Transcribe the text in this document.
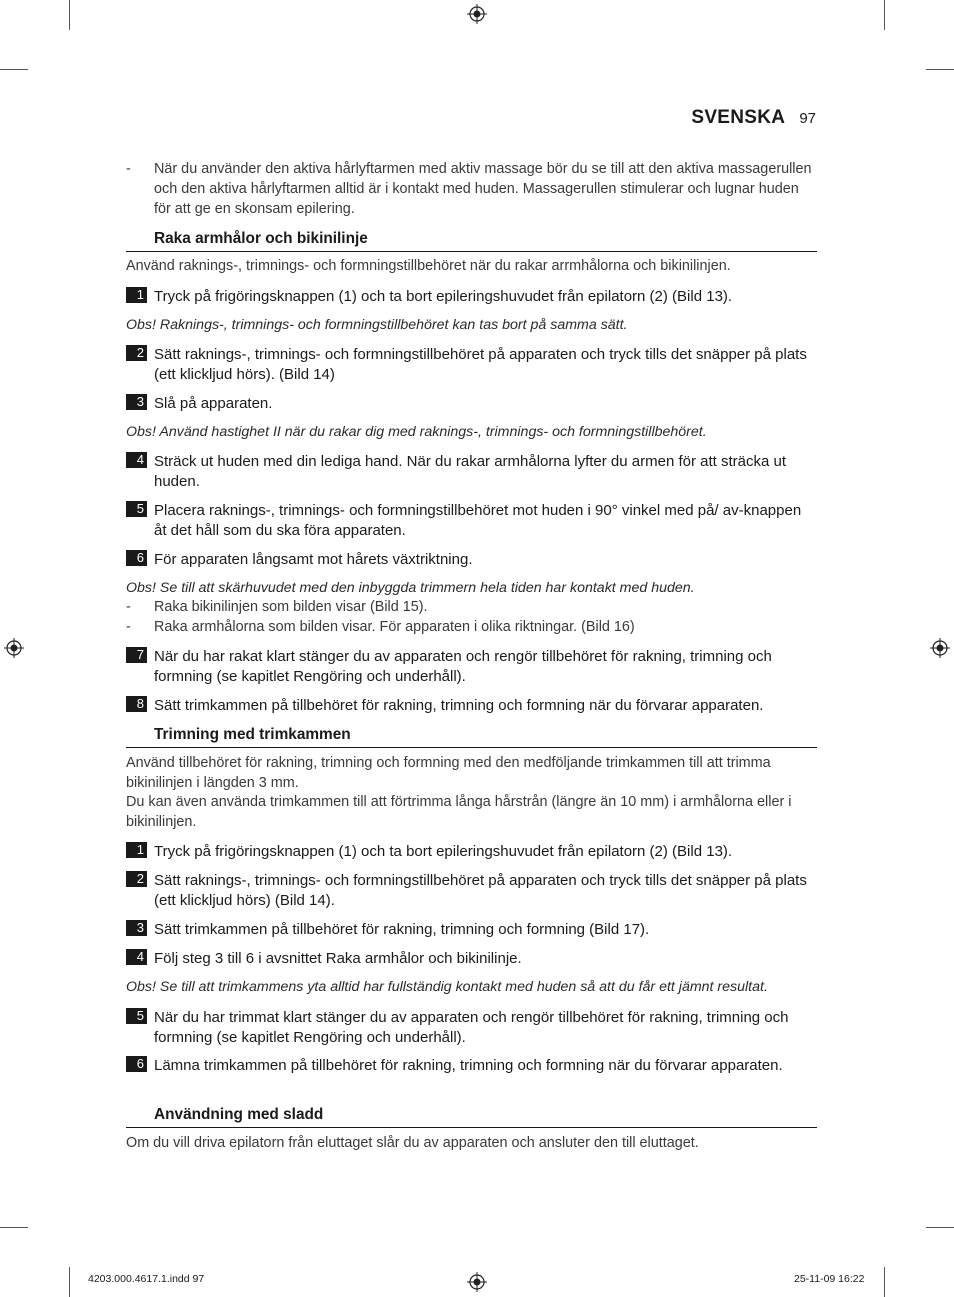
SVENSKA 97
- När du använder den aktiva hårlyftarmen med aktiv massage bör du se till att den aktiva massagerullen och den aktiva hårlyftarmen alltid är i kontakt med huden. Massagerullen stimulerar och lugnar huden för att ge en skonsam epilering.
Raka armhålor och bikinilinje

Använd raknings-, trimnings- och formningstillbehöret när du rakar arrmhålorna och bikinilinjen.

1 Tryck på frigöringsknappen (1) och ta bort epileringshuvudet från epilatorn (2) (Bild 13).

Obs! Raknings-, trimnings- och formningstillbehöret kan tas bort på samma sätt.

2 Sätt raknings-, trimnings- och formningstillbehöret på apparaten och tryck tills det snäpper på plats (ett klickljud hörs). (Bild 14)
3 Slå på apparaten.

Obs! Använd hastighet II när du rakar dig med raknings-, trimnings- och formningstillbehöret.

4 Sträck ut huden med din lediga hand. När du rakar armhålorna lyfter du armen för att sträcka ut huden.
5 Placera raknings-, trimnings- och formningstillbehöret mot huden i 90° vinkel med på/ av-knappen åt det håll som du ska föra apparaten.
6 För apparaten långsamt mot hårets växtriktning.

Obs! Se till att skärhuvudet med den inbyggda trimmern hela tiden har kontakt med huden.

- Raka bikinilinjen som bilden visar (Bild 15).
- Raka armhålorna som bilden visar. För apparaten i olika riktningar. (Bild 16)
7 När du har rakat klart stänger du av apparaten och rengör tillbehöret för rakning, trimning och formning (se kapitlet Rengöring och underhåll).
8 Sätt trimkammen på tillbehöret för rakning, trimning och formning när du förvarar apparaten.
Trimning med trimkammen

Använd tillbehöret för rakning, trimning och formning med den medföljande trimkammen till att trimma bikinilinjen i längden 3 mm.

Du kan även använda trimkammen till att förtrimma långa hårstrån (längre än 10 mm) i armhålorna eller i bikinilinjen.

1 Tryck på frigöringsknappen (1) och ta bort epileringshuvudet från epilatorn (2) (Bild 13).
2 Sätt raknings-, trimnings- och formningstillbehöret på apparaten och tryck tills det snäpper på plats (ett klickljud hörs) (Bild 14).
3 Sätt trimkammen på tillbehöret för rakning, trimning och formning (Bild 17).
4 Följ steg 3 till 6 i avsnittet Raka armhålor och bikinilinje.

Obs! Se till att trimkammens yta alltid har fullständig kontakt med huden så att du får ett jämnt resultat.

5 När du har trimmat klart stänger du av apparaten och rengör tillbehöret för rakning, trimning och formning (se kapitlet Rengöring och underhåll).
6 Lämna trimkammen på tillbehöret för rakning, trimning och formning när du förvarar apparaten.
Användning med sladd

Om du vill driva epilatorn från eluttaget slår du av apparaten och ansluter den till eluttaget.

4203.000.4617.1.indd 97	25-11-09 16:22
